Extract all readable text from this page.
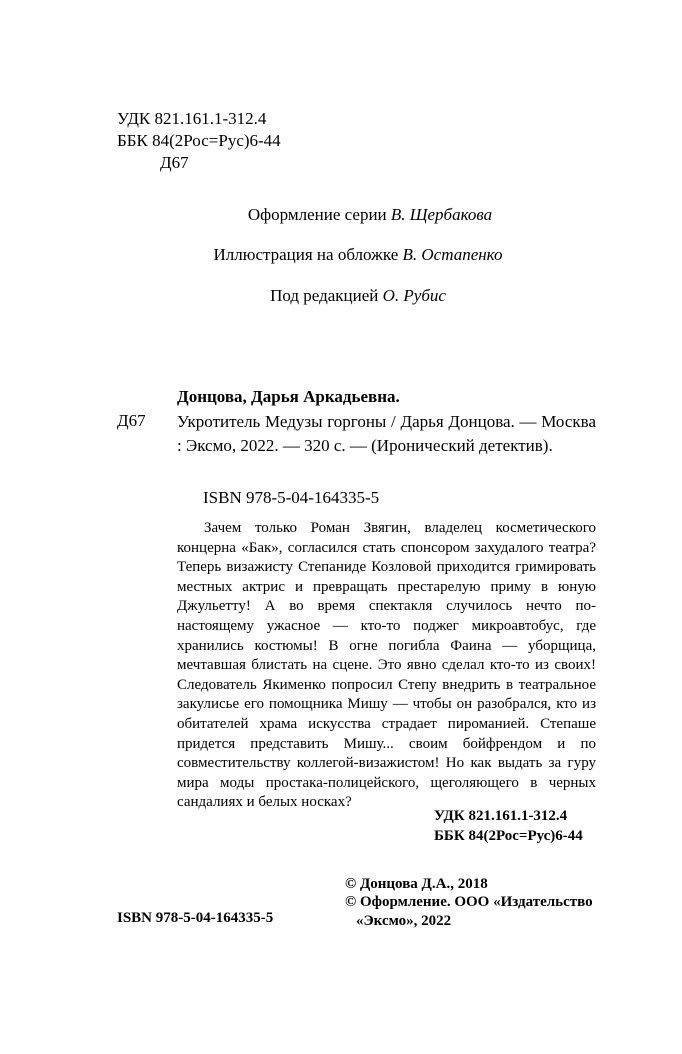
УДК 821.161.1-312.4
ББК 84(2Рос=Рус)6-44
Д67
Оформление серии В. Щербакова
Иллюстрация на обложке В. Остапенко
Под редакцией О. Рубис
Донцова, Дарья Аркадьевна.
Д67 Укротитель Медузы горгоны / Дарья Донцова. — Москва : Эксмо, 2022. — 320 с. — (Иронический детектив).
ISBN 978-5-04-164335-5
Зачем только Роман Звягин, владелец косметического концерна «Бак», согласился стать спонсором захудалого театра? Теперь визажисту Степаниде Козловой приходится гримировать местных актрис и превращать престарелую приму в юную Джульетту! А во время спектакля случилось нечто по-настоящему ужасное — кто-то поджег микроавтобус, где хранились костюмы! В огне погибла Фаина — уборщица, мечтавшая блистать на сцене. Это явно сделал кто-то из своих! Следователь Якименко попросил Степу внедрить в театральное закулисье его помощника Мишу — чтобы он разобрался, кто из обитателей храма искусства страдает пироманией. Степаше придется представить Мишу... своим бойфрендом и по совместительству коллегой-визажистом! Но как выдать за гуру мира моды простака-полицейского, щеголяющего в черных сандалиях и белых носках?
УДК 821.161.1-312.4
ББК 84(2Рос=Рус)6-44
ISBN 978-5-04-164335-5
© Донцова Д.А., 2018
© Оформление. ООО «Издательство «Эксмо», 2022
